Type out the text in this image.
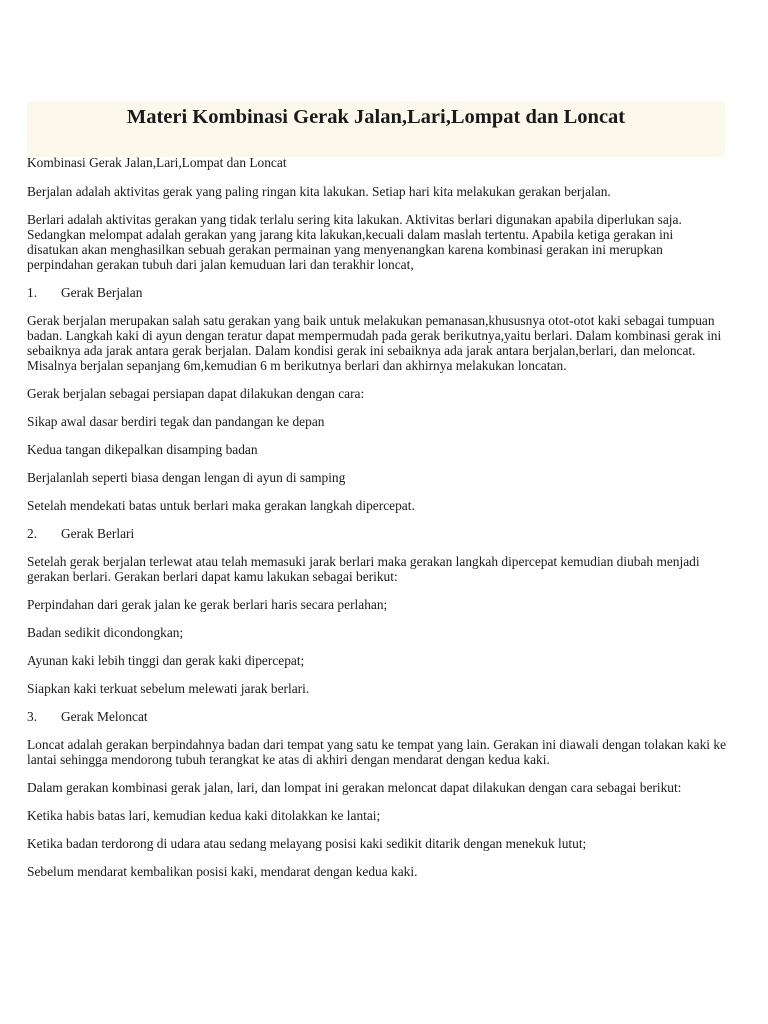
Materi Kombinasi Gerak Jalan,Lari,Lompat dan Loncat

Kombinasi Gerak Jalan,Lari,Lompat dan Loncat

Berjalan adalah aktivitas gerak yang paling ringan kita lakukan. Setiap hari kita melakukan gerakan berjalan.

Berlari adalah aktivitas gerakan yang tidak terlalu sering kita lakukan. Aktivitas berlari digunakan apabila diperlukan saja. Sedangkan melompat adalah gerakan yang jarang kita lakukan,kecuali dalam maslah tertentu. Apabila ketiga gerakan ini disatukan akan menghasilkan sebuah gerakan permainan yang menyenangkan karena kombinasi gerakan ini merupkan perpindahan gerakan tubuh dari jalan kemuduan lari dan terakhir loncat,

1. Gerak Berjalan

Gerak berjalan merupakan salah satu gerakan yang baik untuk melakukan pemanasan,khususnya otot-otot kaki sebagai tumpuan badan. Langkah kaki di ayun dengan teratur dapat mempermudah pada gerak berikutnya,yaitu berlari. Dalam kombinasi gerak ini sebaiknya ada jarak antara gerak berjalan. Dalam kondisi gerak ini sebaiknya ada jarak antara berjalan,berlari, dan meloncat. Misalnya berjalan sepanjang 6m,kemudian 6 m berikutnya berlari dan akhirnya melakukan loncatan.

Gerak berjalan sebagai persiapan dapat dilakukan dengan cara:

Sikap awal dasar berdiri tegak dan pandangan ke depan

Kedua tangan dikepalkan disamping badan

Berjalanlah seperti biasa dengan lengan di ayun di samping

Setelah mendekati batas untuk berlari maka gerakan langkah dipercepat.

2. Gerak Berlari

Setelah gerak berjalan terlewat atau telah memasuki jarak berlari maka gerakan langkah dipercepat kemudian diubah menjadi gerakan berlari. Gerakan berlari dapat kamu lakukan sebagai berikut:

Perpindahan dari gerak jalan ke gerak berlari haris secara perlahan;

Badan sedikit dicondongkan;

Ayunan kaki lebih tinggi dan gerak kaki dipercepat;

Siapkan kaki terkuat sebelum melewati jarak berlari.

3. Gerak Meloncat

Loncat adalah gerakan berpindahnya badan dari tempat yang satu ke tempat yang lain. Gerakan ini diawali dengan tolakan kaki ke lantai sehingga mendorong tubuh terangkat ke atas di akhiri dengan mendarat dengan kedua kaki.

Dalam gerakan kombinasi gerak jalan, lari, dan lompat ini gerakan meloncat dapat dilakukan dengan cara sebagai berikut:

Ketika habis batas lari, kemudian kedua kaki ditolakkan ke lantai;

Ketika badan terdorong di udara atau sedang melayang posisi kaki sedikit ditarik dengan menekuk lutut;

Sebelum mendarat kembalikan posisi kaki, mendarat dengan kedua kaki.
